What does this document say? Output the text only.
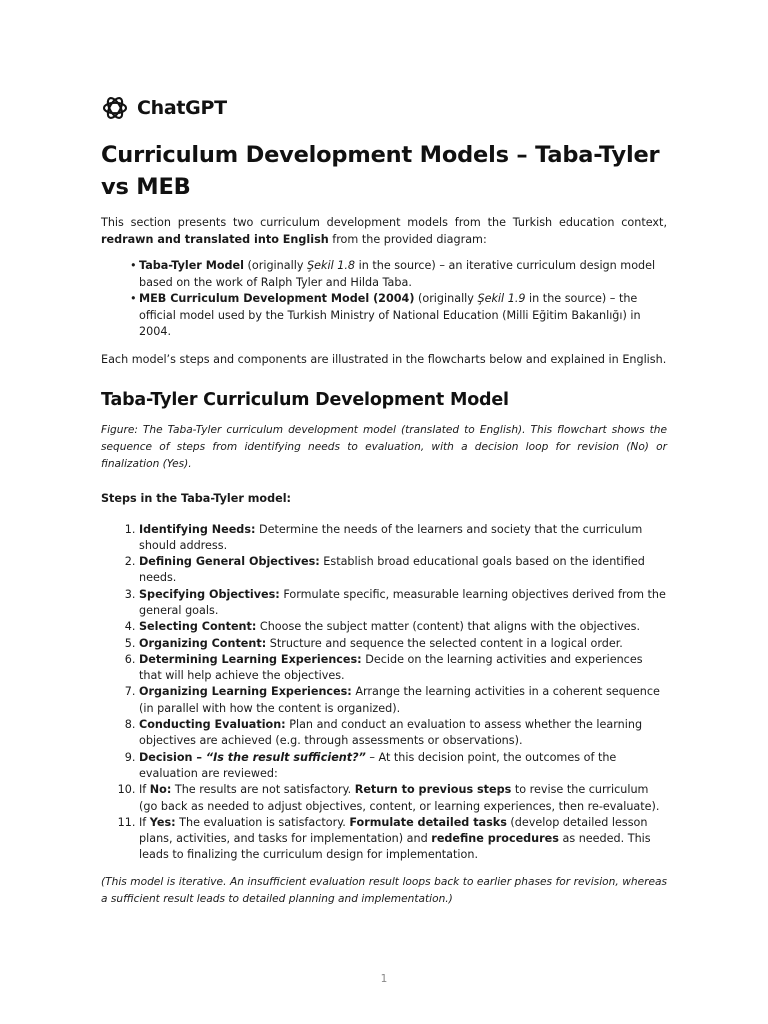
ChatGPT
Curriculum Development Models – Taba-Tyler vs MEB

This section presents two curriculum development models from the Turkish education context, redrawn and translated into English from the provided diagram:

• Taba-Tyler Model (originally Şekil 1.8 in the source) – an iterative curriculum design model based on the work of Ralph Tyler and Hilda Taba.
• MEB Curriculum Development Model (2004) (originally Şekil 1.9 in the source) – the official model used by the Turkish Ministry of National Education (Milli Eğitim Bakanlığı) in 2004.

Each model’s steps and components are illustrated in the flowcharts below and explained in English.

Taba-Tyler Curriculum Development Model

Figure: The Taba-Tyler curriculum development model (translated to English). This flowchart shows the sequence of steps from identifying needs to evaluation, with a decision loop for revision (No) or finalization (Yes).

Steps in the Taba-Tyler model:

1. Identifying Needs: Determine the needs of the learners and society that the curriculum should address.
2. Defining General Objectives: Establish broad educational goals based on the identified needs.
3. Specifying Objectives: Formulate specific, measurable learning objectives derived from the general goals.
4. Selecting Content: Choose the subject matter (content) that aligns with the objectives.
5. Organizing Content: Structure and sequence the selected content in a logical order.
6. Determining Learning Experiences: Decide on the learning activities and experiences that will help achieve the objectives.
7. Organizing Learning Experiences: Arrange the learning activities in a coherent sequence (in parallel with how the content is organized).
8. Conducting Evaluation: Plan and conduct an evaluation to assess whether the learning objectives are achieved (e.g. through assessments or observations).
9. Decision – “Is the result sufficient?” – At this decision point, the outcomes of the evaluation are reviewed:
10. If No: The results are not satisfactory. Return to previous steps to revise the curriculum (go back as needed to adjust objectives, content, or learning experiences, then re-evaluate).
11. If Yes: The evaluation is satisfactory. Formulate detailed tasks (develop detailed lesson plans, activities, and tasks for implementation) and redefine procedures as needed. This leads to finalizing the curriculum design for implementation.

(This model is iterative. An insufficient evaluation result loops back to earlier phases for revision, whereas a sufficient result leads to detailed planning and implementation.)

1
